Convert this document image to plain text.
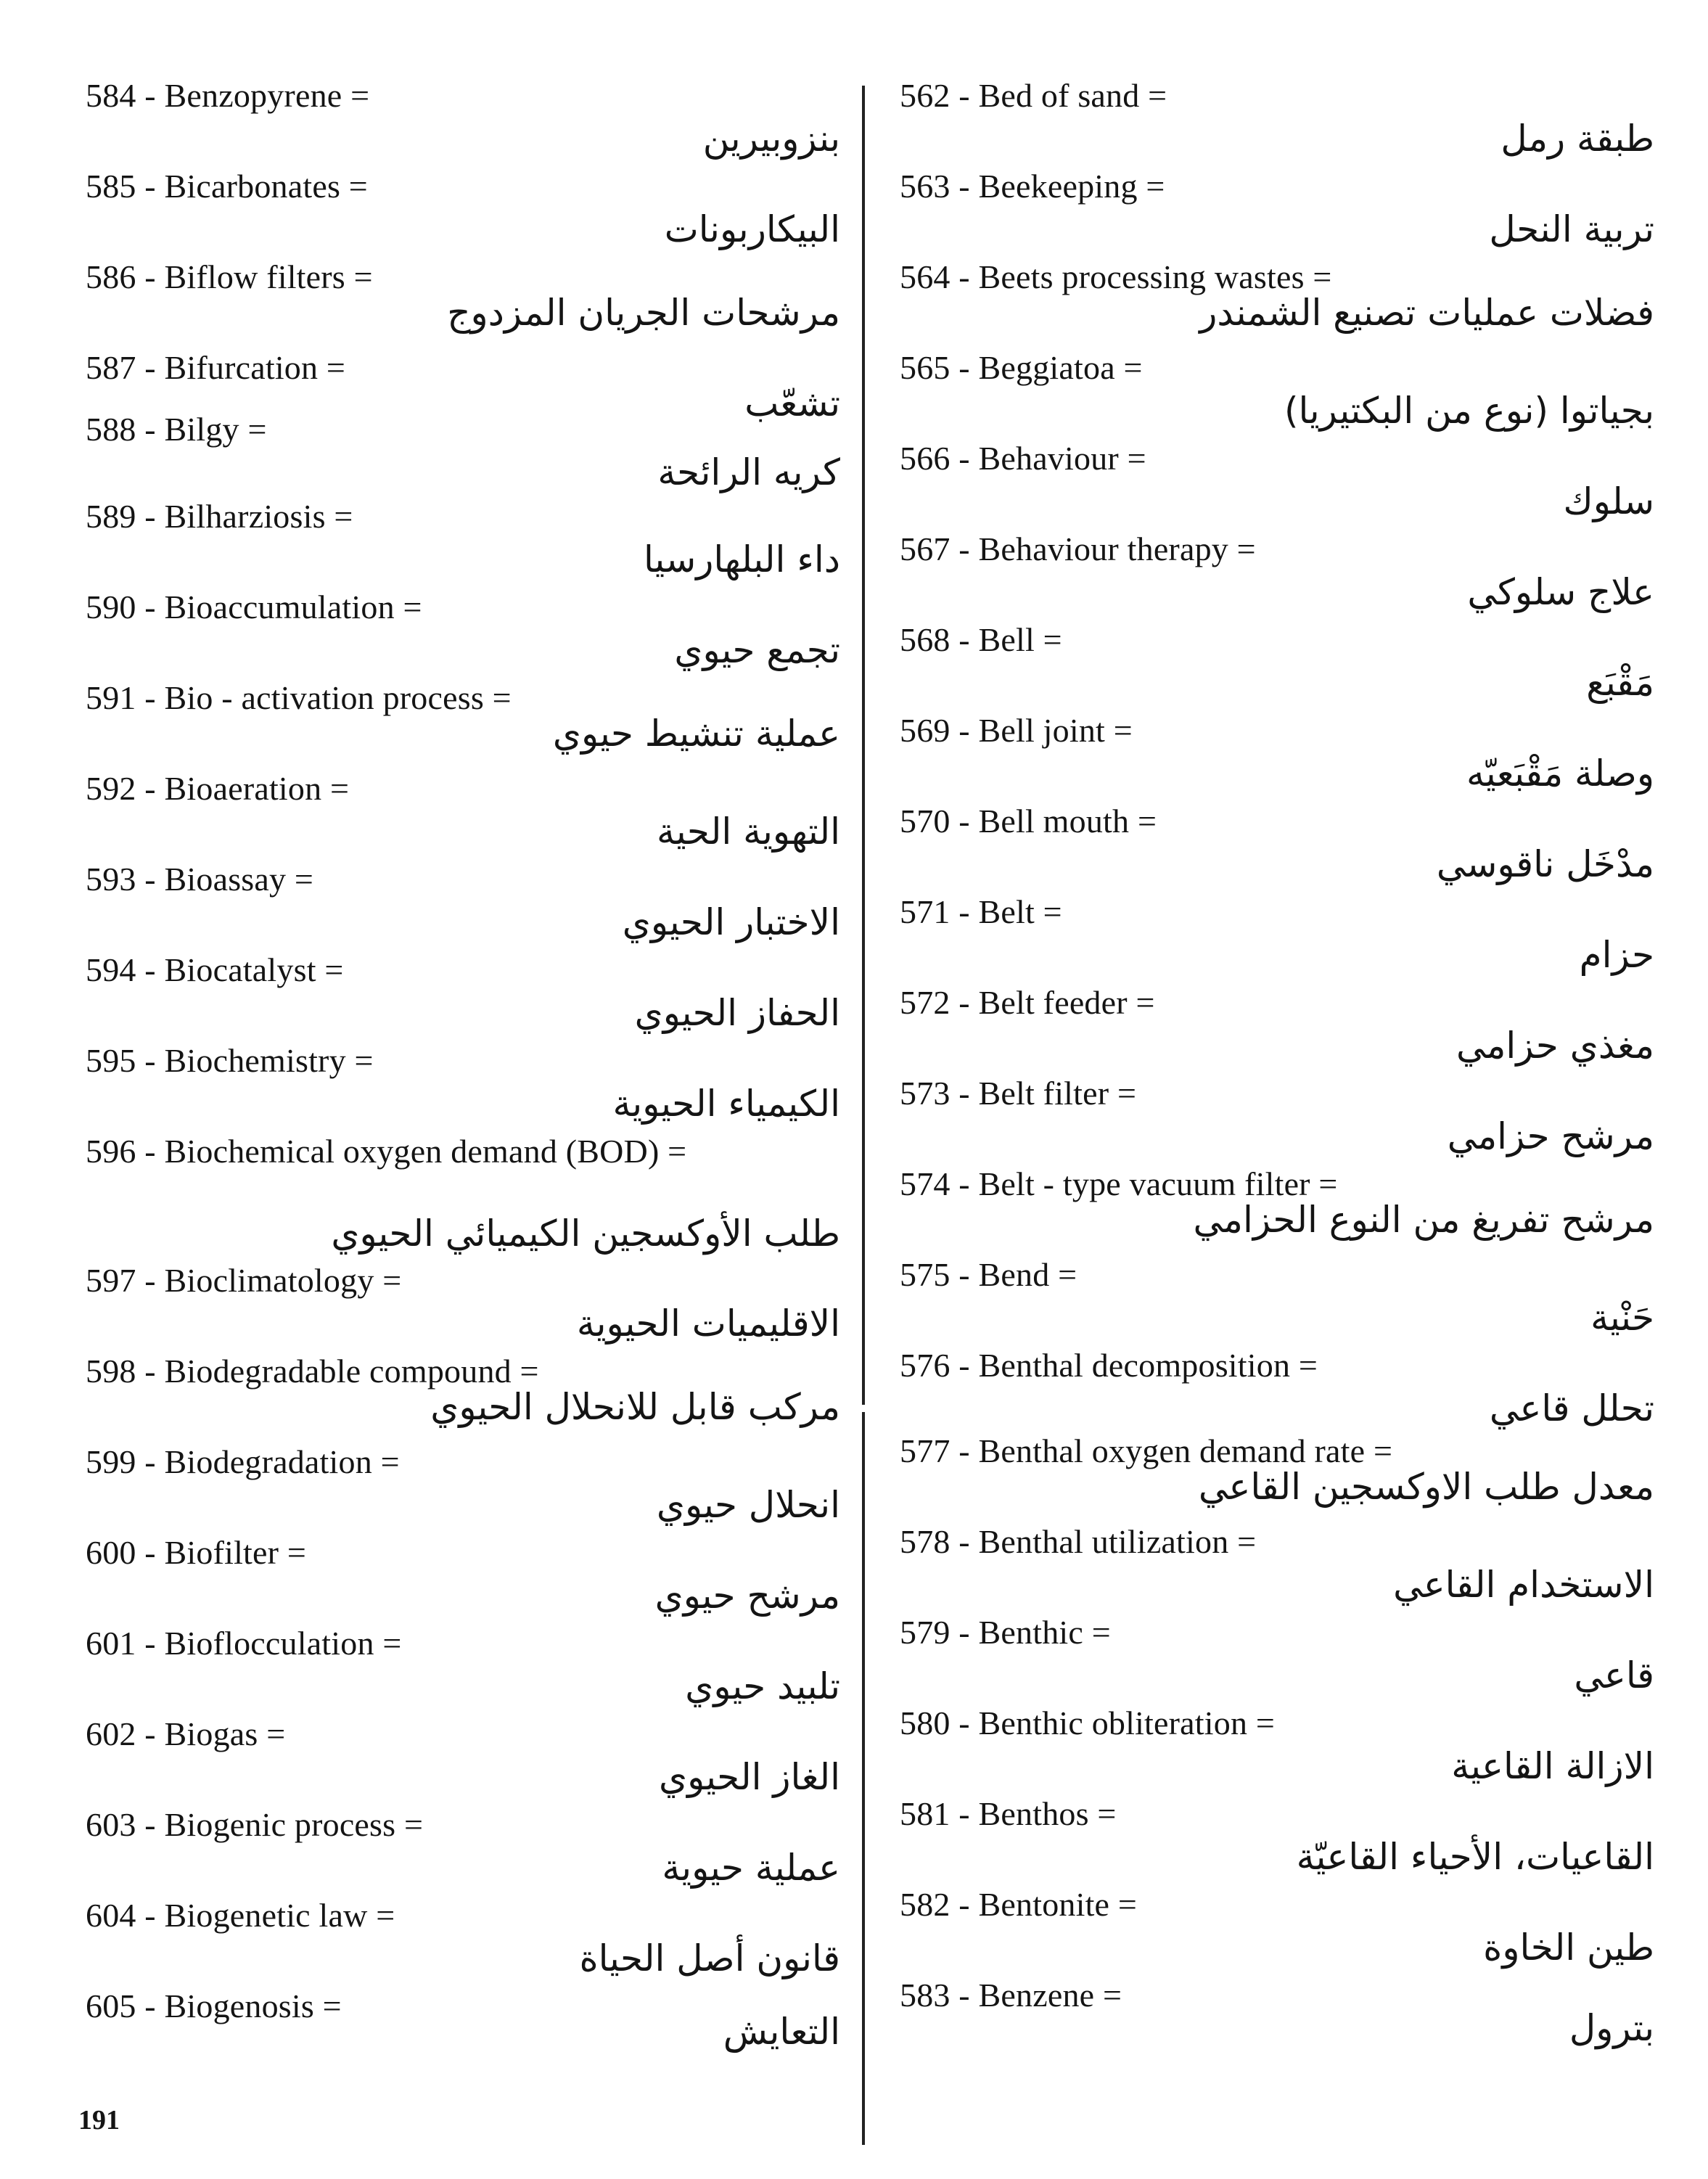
584 - Benzopyrene =
بنزوبيرين
585 - Bicarbonates =
البيكاربونات
586 - Biflow filters =
مرشحات الجريان المزدوج
587 - Bifurcation =
تشعّب
588 - Bilgy =
كريه الرائحة
589 - Bilharziosis =
داء البلهارسيا
590 - Bioaccumulation =
تجمع حيوي
591 - Bio - activation process =
عملية تنشيط حيوي
592 - Bioaeration =
التهوية الحية
593 - Bioassay =
الاختبار الحيوي
594 - Biocatalyst =
الحفاز الحيوي
595 - Biochemistry =
الكيمياء الحيوية
596 - Biochemical oxygen demand (BOD) =
طلب الأوكسجين الكيميائي الحيوي
597 - Bioclimatology =
الاقليميات الحيوية
598 - Biodegradable compound =
مركب قابل للانحلال الحيوي
599 - Biodegradation =
انحلال حيوي
600 - Biofilter =
مرشح حيوي
601 - Bioflocculation =
تلبيد حيوي
602 - Biogas =
الغاز الحيوي
603 - Biogenic process =
عملية حيوية
604 - Biogenetic law =
قانون أصل الحياة
605 - Biogenosis =
التعايش
562 - Bed of sand =
طبقة رمل
563 - Beekeeping =
تربية النحل
564 - Beets processing wastes =
فضلات عمليات تصنيع الشمندر
565 - Beggiatoa =
بجياتوا (نوع من البكتيريا)
566 - Behaviour =
سلوك
567 - Behaviour therapy =
علاج سلوكي
568 - Bell =
مَقْبَع
569 - Bell joint =
وصلة مَقْبَعيّه
570 - Bell mouth =
مدْخَل ناقوسي
571 - Belt =
حزام
572 - Belt feeder =
مغذي حزامي
573 - Belt filter =
مرشح حزامي
574 - Belt - type vacuum filter =
مرشح تفريغ من النوع الحزامي
575 - Bend =
حَنْية
576 - Benthal decomposition =
تحلل قاعي
577 - Benthal oxygen demand rate =
معدل طلب الاوكسجين القاعي
578 - Benthal utilization =
الاستخدام القاعي
579 - Benthic =
قاعي
580 - Benthic obliteration =
الازالة القاعية
581 - Benthos =
القاعيات، الأحياء القاعيّة
582 - Bentonite =
طين الخاوة
583 - Benzene =
بترول
191
